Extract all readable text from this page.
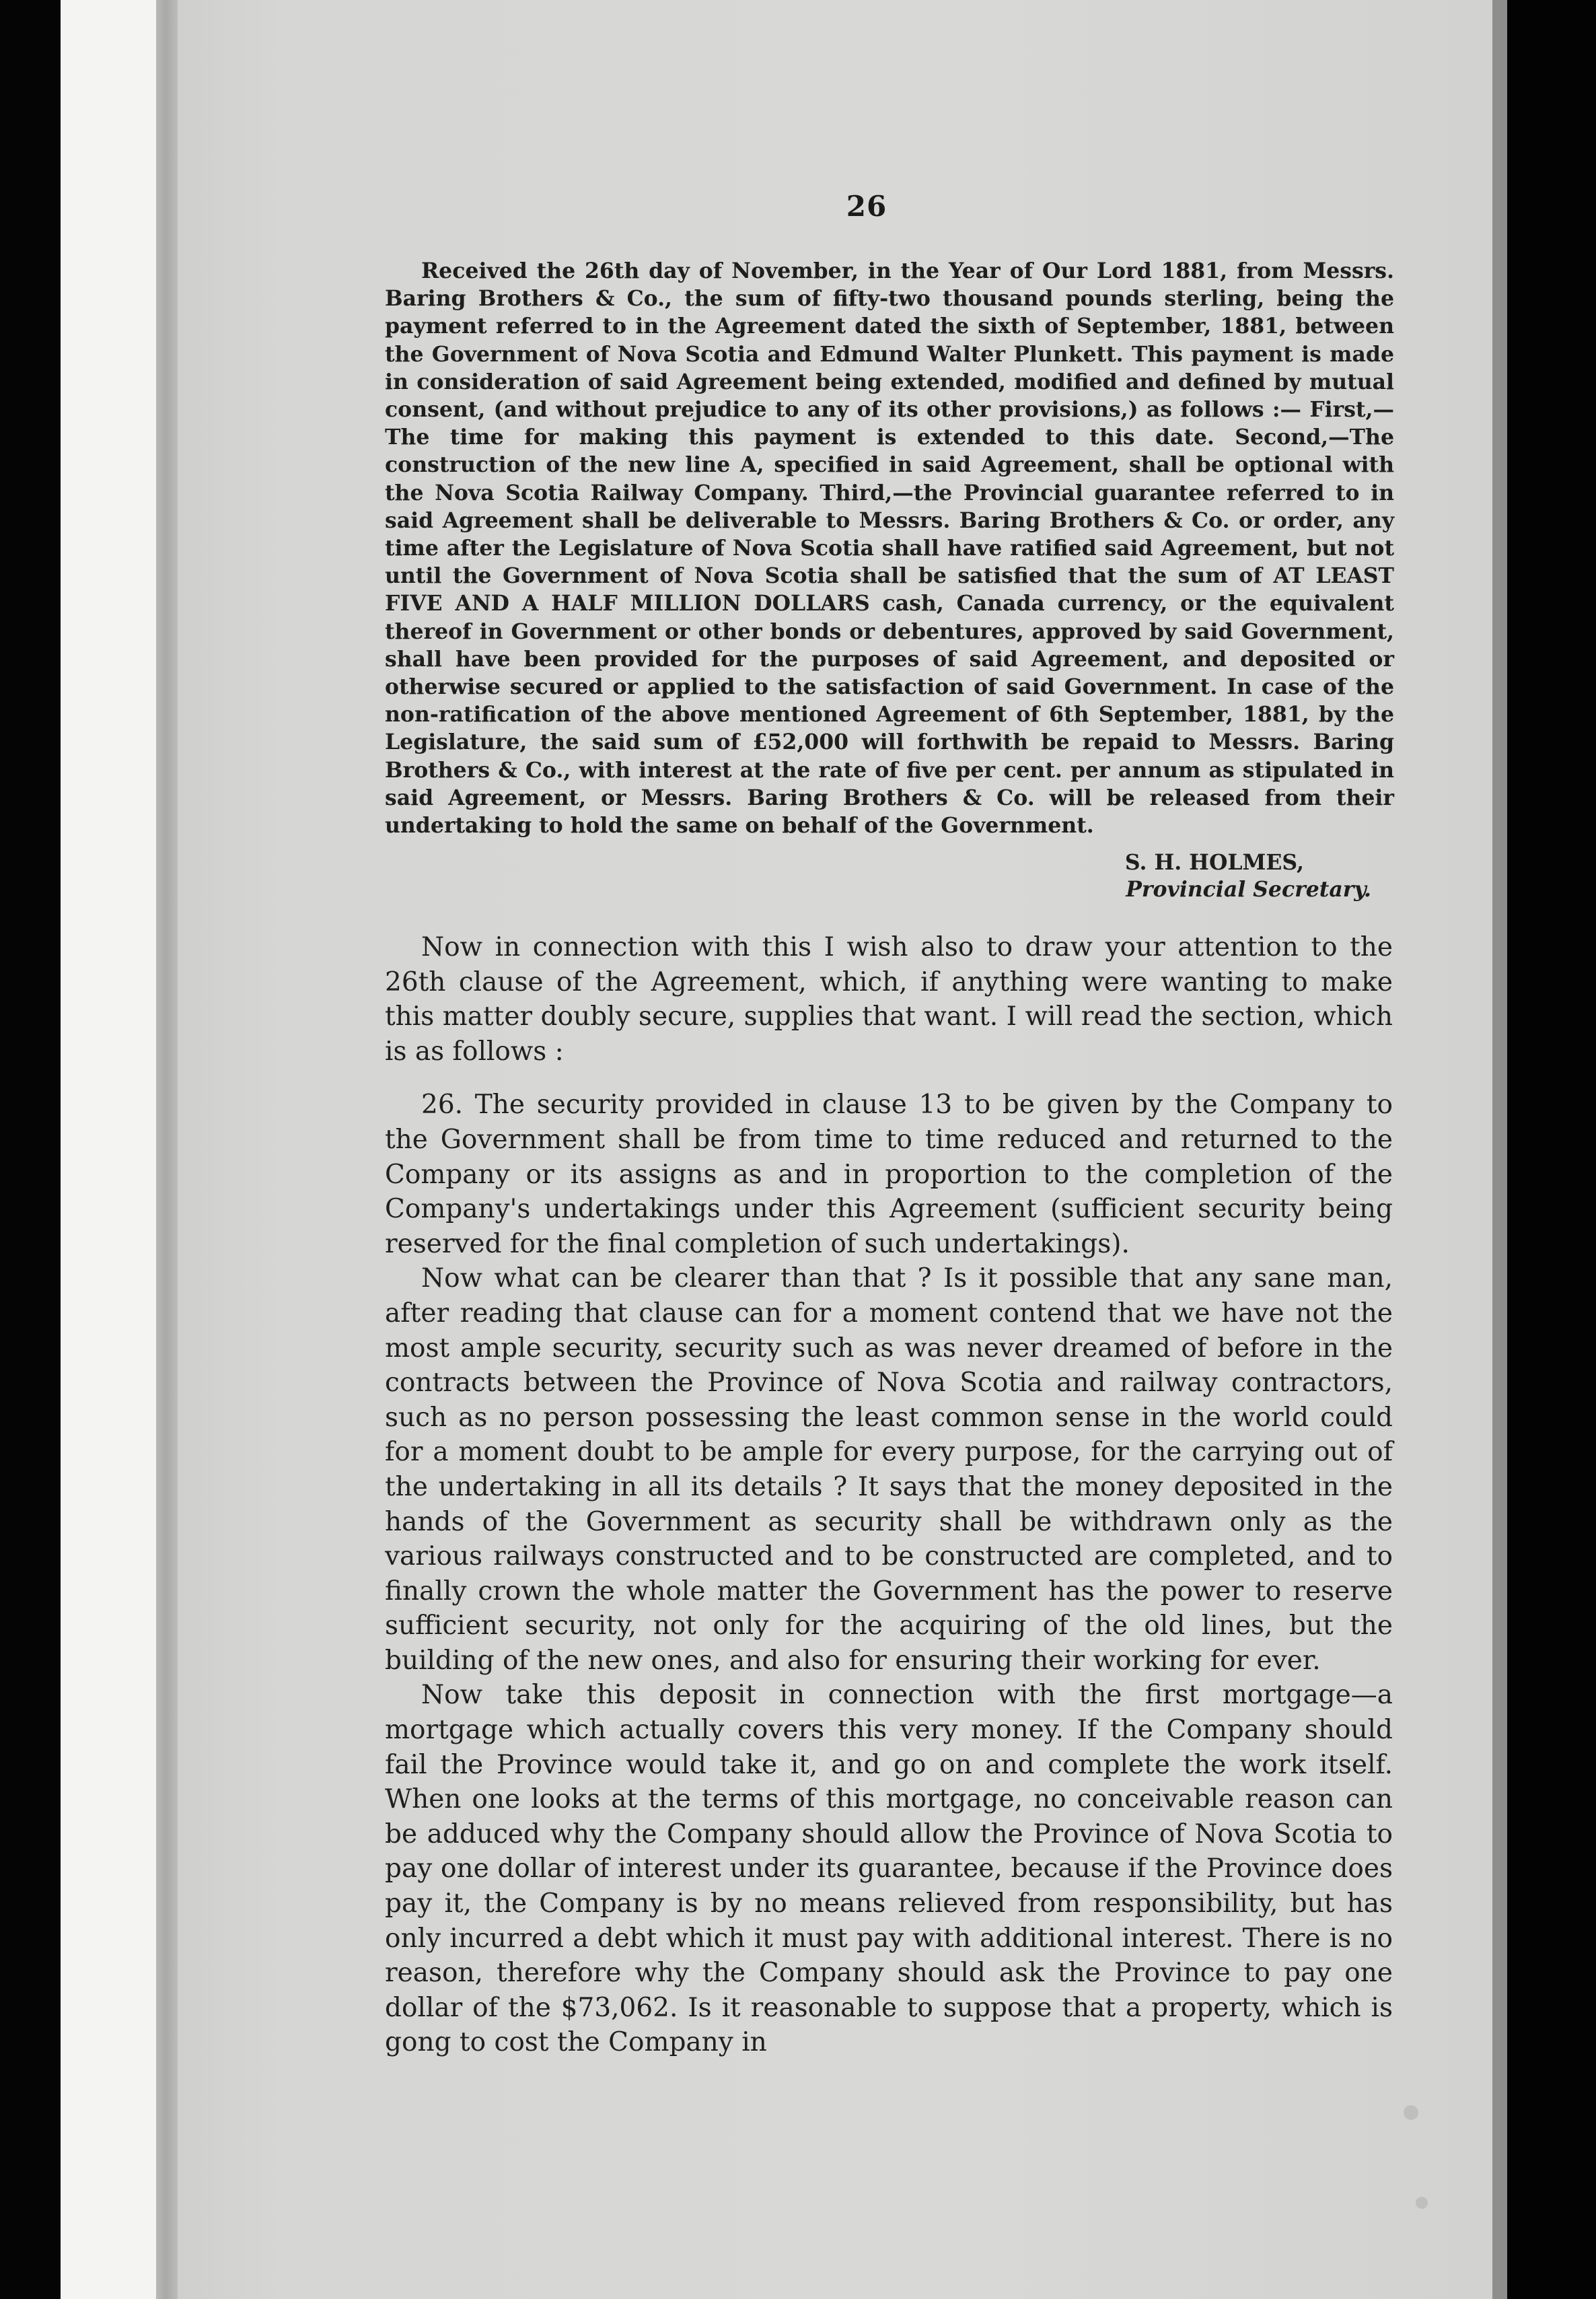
26
Received the 26th day of November, in the Year of Our Lord 1881, from Messrs. Baring Brothers & Co., the sum of fifty-two thousand pounds sterling, being the payment referred to in the Agreement dated the sixth of September, 1881, between the Government of Nova Scotia and Edmund Walter Plunkett. This payment is made in consideration of said Agreement being extended, modified and defined by mutual consent, (and without prejudice to any of its other provisions,) as follows :— First,—The time for making this payment is extended to this date. Second,—The construction of the new line A, specified in said Agreement, shall be optional with the Nova Scotia Railway Company. Third,—the Provincial guarantee referred to in said Agreement shall be deliverable to Messrs. Baring Brothers & Co. or order, any time after the Legislature of Nova Scotia shall have ratified said Agreement, but not until the Government of Nova Scotia shall be satisfied that the sum of AT LEAST FIVE AND A HALF MILLION DOLLARS cash, Canada currency, or the equivalent thereof in Government or other bonds or debentures, approved by said Government, shall have been provided for the purposes of said Agreement, and deposited or otherwise secured or applied to the satisfaction of said Government. In case of the non-ratification of the above mentioned Agreement of 6th September, 1881, by the Legislature, the said sum of £52,000 will forthwith be repaid to Messrs. Baring Brothers & Co., with interest at the rate of five per cent. per annum as stipulated in said Agreement, or Messrs. Baring Brothers & Co. will be released from their undertaking to hold the same on behalf of the Government.
S. H. HOLMES,
Provincial Secretary.

Now in connection with this I wish also to draw your attention to the 26th clause of the Agreement, which, if anything were wanting to make this matter doubly secure, supplies that want. I will read the section, which is as follows :

26. The security provided in clause 13 to be given by the Company to the Government shall be from time to time reduced and returned to the Company or its assigns as and in proportion to the completion of the Company's undertakings under this Agreement (sufficient security being reserved for the final completion of such undertakings).

Now what can be clearer than that ? Is it possible that any sane man, after reading that clause can for a moment contend that we have not the most ample security, security such as was never dreamed of before in the contracts between the Province of Nova Scotia and railway contractors, such as no person possessing the least common sense in the world could for a moment doubt to be ample for every purpose, for the carrying out of the undertaking in all its details ? It says that the money deposited in the hands of the Government as security shall be withdrawn only as the various railways constructed and to be constructed are completed, and to finally crown the whole matter the Government has the power to reserve sufficient security, not only for the acquiring of the old lines, but the building of the new ones, and also for ensuring their working for ever.

Now take this deposit in connection with the first mortgage—a mortgage which actually covers this very money. If the Company should fail the Province would take it, and go on and complete the work itself. When one looks at the terms of this mortgage, no conceivable reason can be adduced why the Company should allow the Province of Nova Scotia to pay one dollar of interest under its guarantee, because if the Province does pay it, the Company is by no means relieved from responsibility, but has only incurred a debt which it must pay with additional interest. There is no reason, therefore why the Company should ask the Province to pay one dollar of the $73,062. Is it reasonable to suppose that a property, which is gong to cost the Company in
